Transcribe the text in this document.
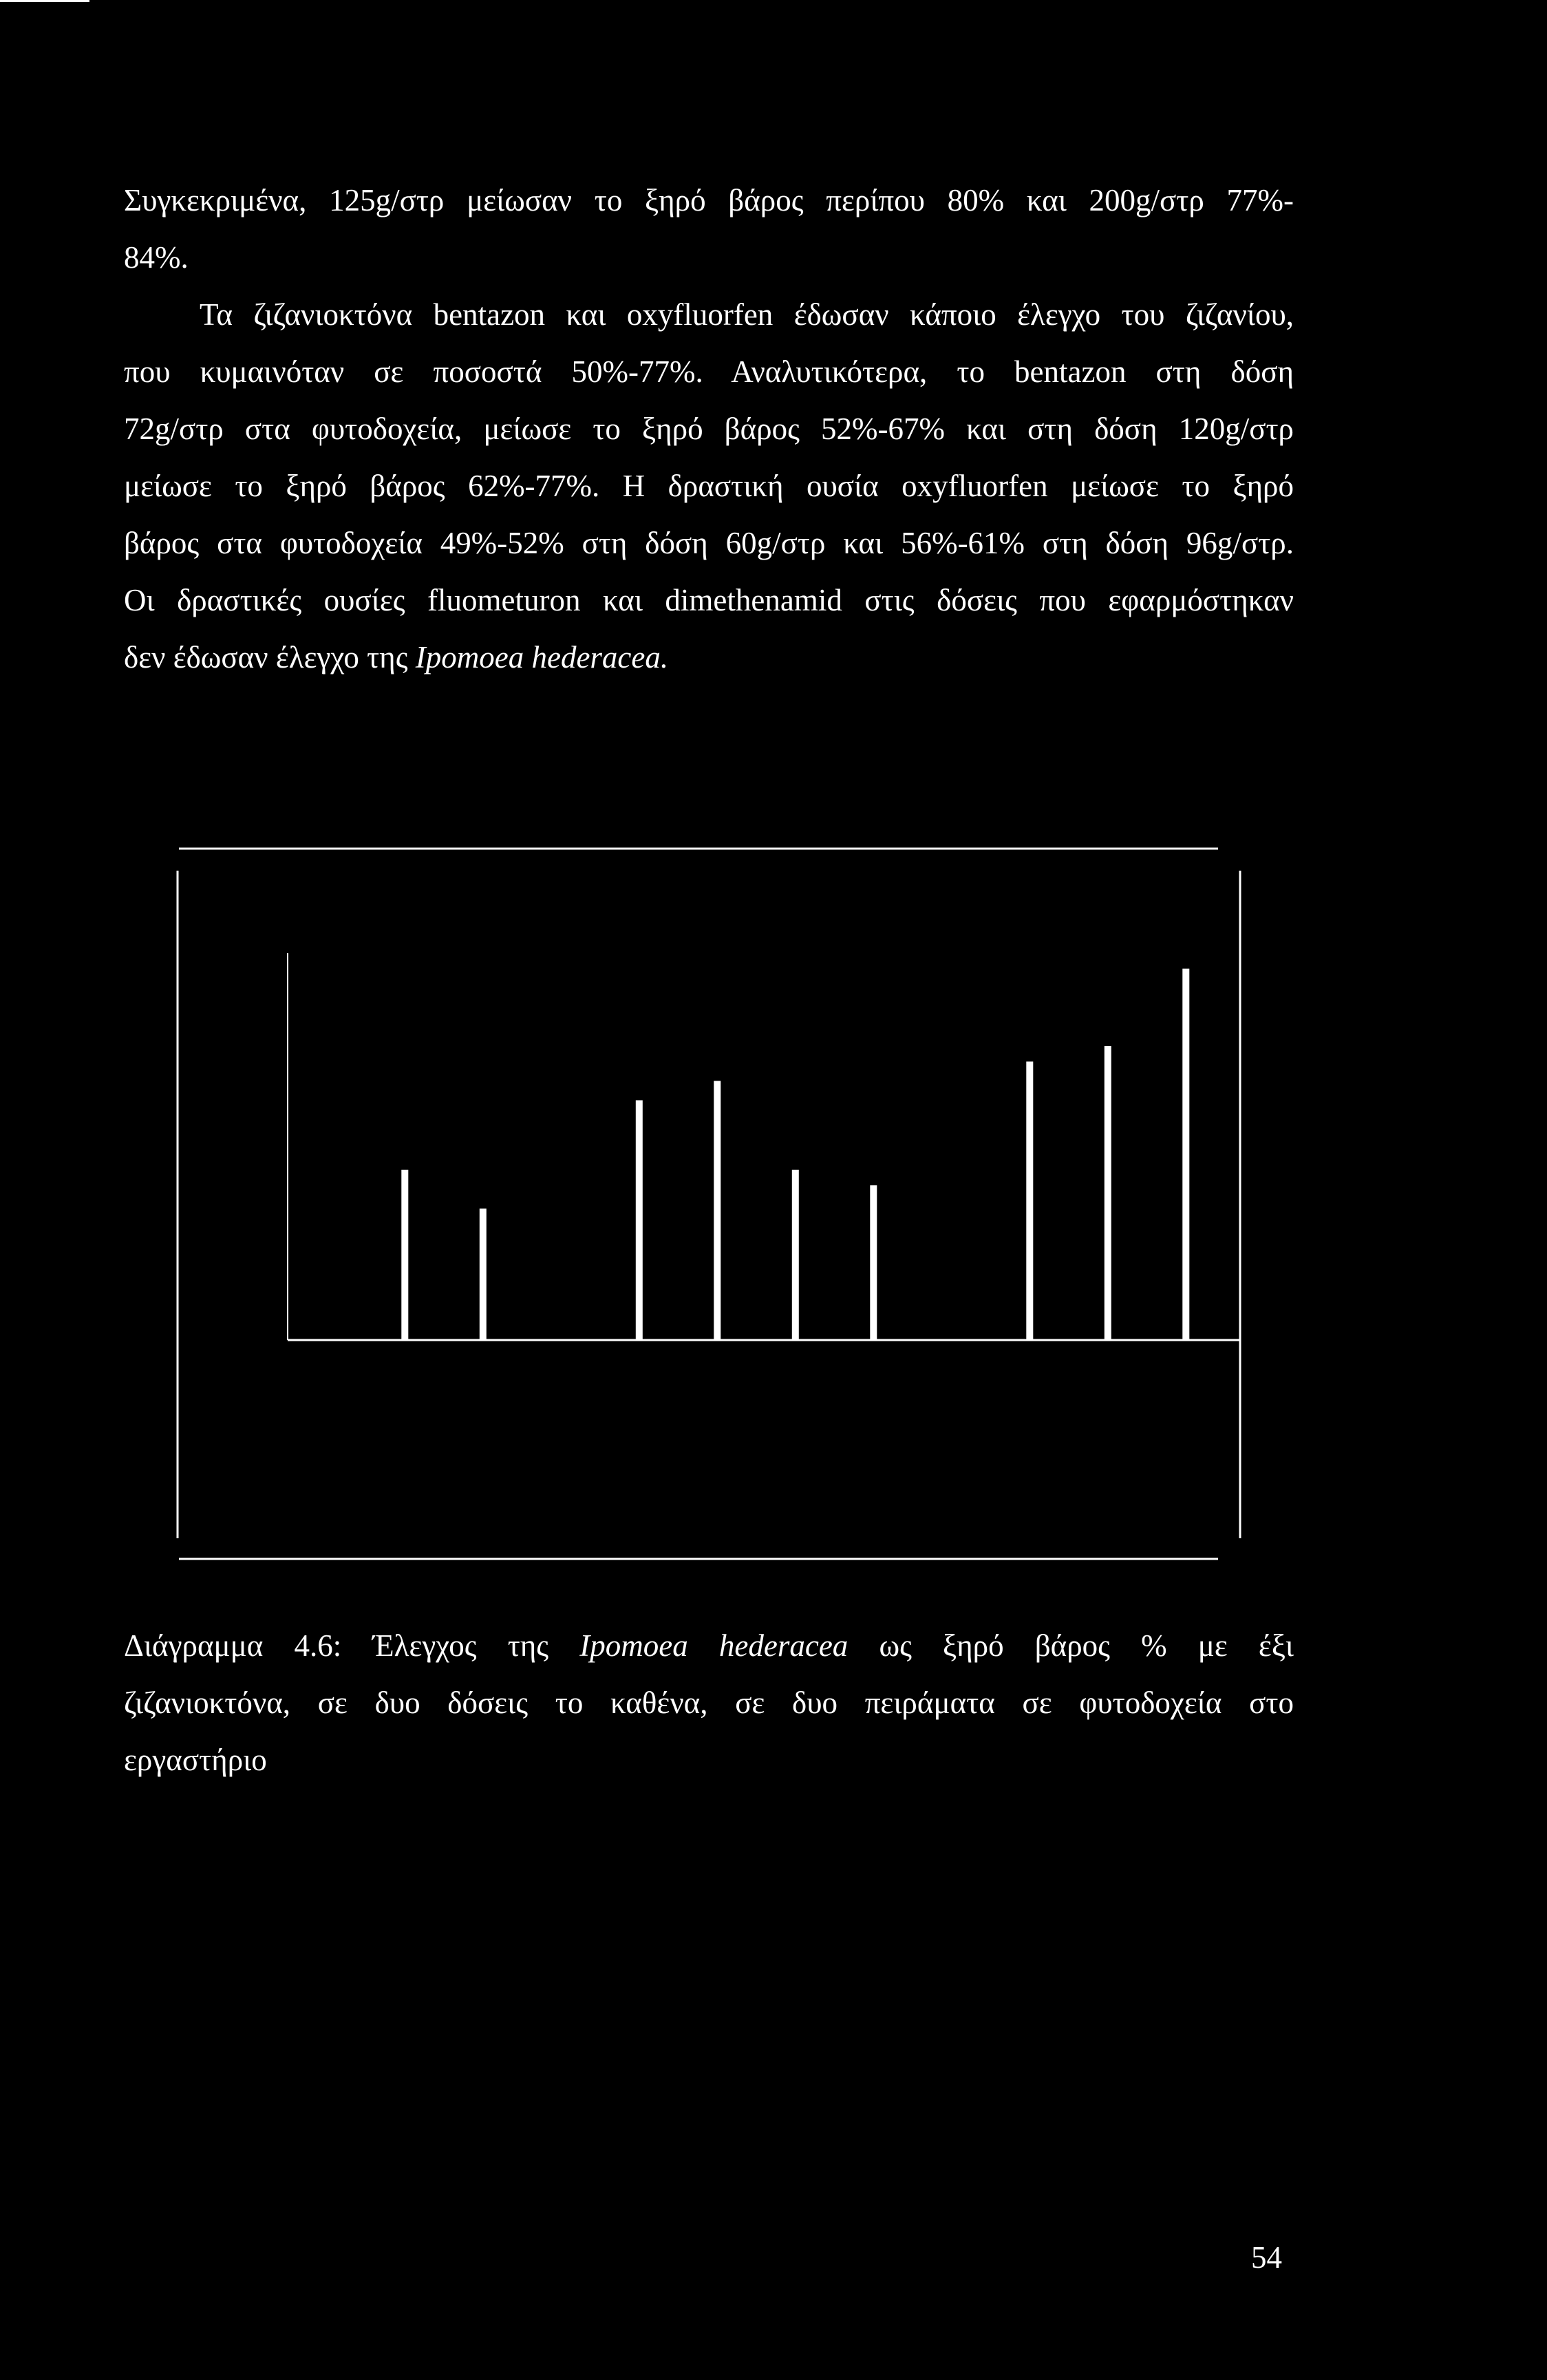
Συγκεκριμένα, 125g/στρ μείωσαν το ξηρό βάρος περίπου 80% και 200g/στρ 77%-
84%.
Τα ζιζανιοκτόνα bentazon και oxyfluorfen έδωσαν κάποιο έλεγχο του ζιζανίου,
που κυμαινόταν σε ποσοστά 50%-77%. Αναλυτικότερα, το bentazon στη δόση
72g/στρ στα φυτοδοχεία, μείωσε το ξηρό βάρος 52%-67% και στη δόση 120g/στρ
μείωσε το ξηρό βάρος 62%-77%. Η δραστική ουσία oxyfluorfen μείωσε το ξηρό
βάρος στα φυτοδοχεία 49%-52% στη δόση 60g/στρ και 56%-61% στη δόση 96g/στρ.
Οι δραστικές ουσίες fluometuron και dimethenamid στις δόσεις που εφαρμόστηκαν
δεν έδωσαν έλεγχο της Ipomoea hederacea.
Διάγραμμα 4.6: Έλεγχος της Ipomoea hederacea ως ξηρό βάρος % με έξι
ζιζανιοκτόνα, σε δυο δόσεις το καθένα, σε δυο πειράματα σε φυτοδοχεία στο
εργαστήριο
54
